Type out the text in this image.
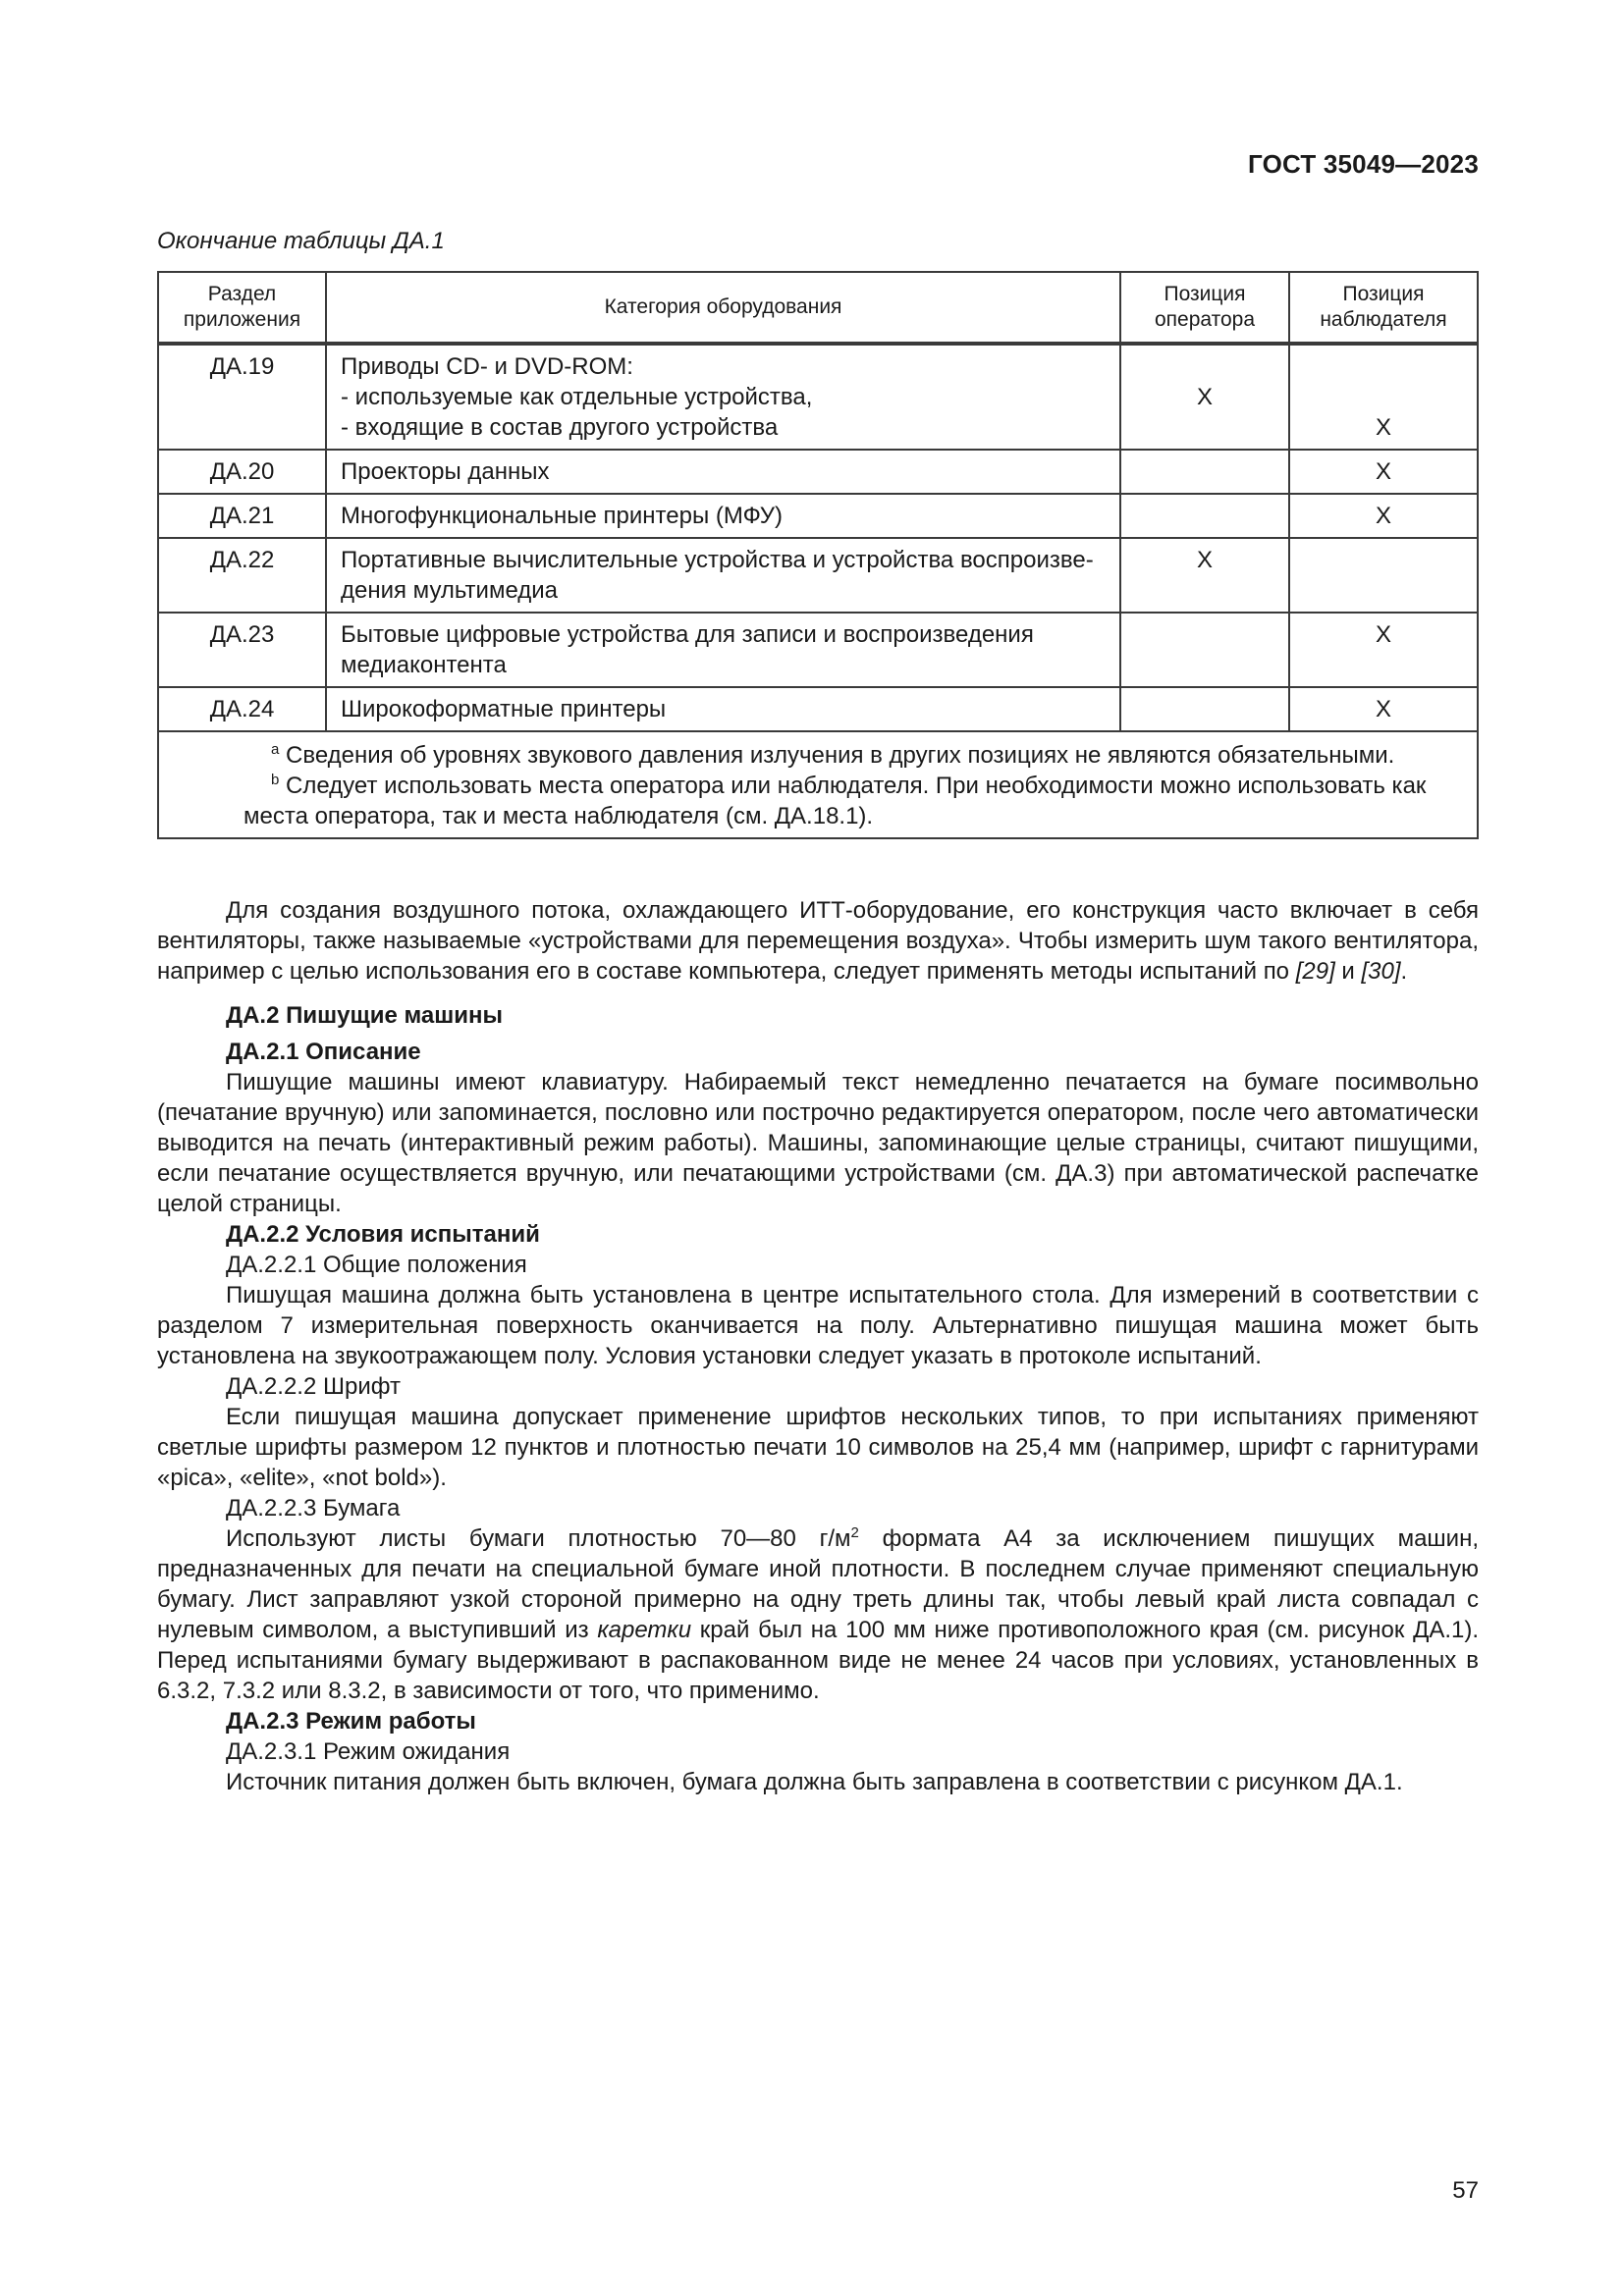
ГОСТ 35049—2023
Окончание таблицы ДА.1
Раздел приложения	Категория оборудования	Позиция оператора	Позиция наблюдателя
ДА.19	Приводы CD- и DVD-ROM:
- используемые как отдельные устройства,
- входящие в состав другого устройства	X	X

ДА.20	Проекторы данных		X
ДА.21	Многофункциональные принтеры (МФУ)		X
ДА.22	Портативные вычислительные устройства и устройства воспроизве-
дения мультимедиа	X	
ДА.23	Бытовые цифровые устройства для записи и воспроизведения
медиаконтента		X
ДА.24	Широкоформатные принтеры		X

$^a$ Сведения об уровнях звукового давления излучения в других позициях не являются обязательными.
$^b$ Следует использовать места оператора или наблюдателя. При необходимости можно использовать как места оператора, так и места наблюдателя (см. ДА.18.1).			

Для создания воздушного потока, охлаждающего ИТТ-оборудование, его конструкция часто включает в себя вентиляторы, также называемые «устройствами для перемещения воздуха». Чтобы измерить шум такого вентилятора, например с целью использования его в составе компьютера, следует применять методы испытаний по [29] и [30].

ДА.2 Пишущие машины

ДА.2.1 Описание

Пишущие машины имеют клавиатуру. Набираемый текст немедленно печатается на бумаге посимвольно (печатание вручную) или запоминается, пословно или построчно редактируется оператором, после чего автоматически выводится на печать (интерактивный режим работы). Машины, запоминающие целые страницы, считают пишущими, если печатание осуществляется вручную, или печатающими устройствами (см. ДА.3) при автоматической распечатке целой страницы.

ДА.2.2 Условия испытаний

ДА.2.2.1 Общие положения

Пишущая машина должна быть установлена в центре испытательного стола. Для измерений в соответствии с разделом 7 измерительная поверхность оканчивается на полу. Альтернативно пишущая машина может быть установлена на звукоотражающем полу. Условия установки следует указать в протоколе испытаний.

ДА.2.2.2 Шрифт

Если пишущая машина допускает применение шрифтов нескольких типов, то при испытаниях применяют светлые шрифты размером 12 пунктов и плотностью печати 10 символов на 25,4 мм (например, шрифт с гарнитурами «pica», «elite», «not bold»).

ДА.2.2.3 Бумага

Используют листы бумаги плотностью 70—80 $г/м^2$ формата А4 за исключением пишущих машин, предназначенных для печати на специальной бумаге иной плотности. В последнем случае применяют специальную бумагу. Лист заправляют узкой стороной примерно на одну треть длины так, чтобы левый край листа совпадал с нулевым символом, а выступивший из каретки край был на 100 мм ниже противоположного края (см. рисунок ДА.1). Перед испытаниями бумагу выдерживают в распакованном виде не менее 24 часов при условиях, установленных в 6.3.2, 7.3.2 или 8.3.2, в зависимости от того, что применимо.

ДА.2.3 Режим работы

ДА.2.3.1 Режим ожидания

Источник питания должен быть включен, бумага должна быть заправлена в соответствии с рисунком ДА.1.

57
